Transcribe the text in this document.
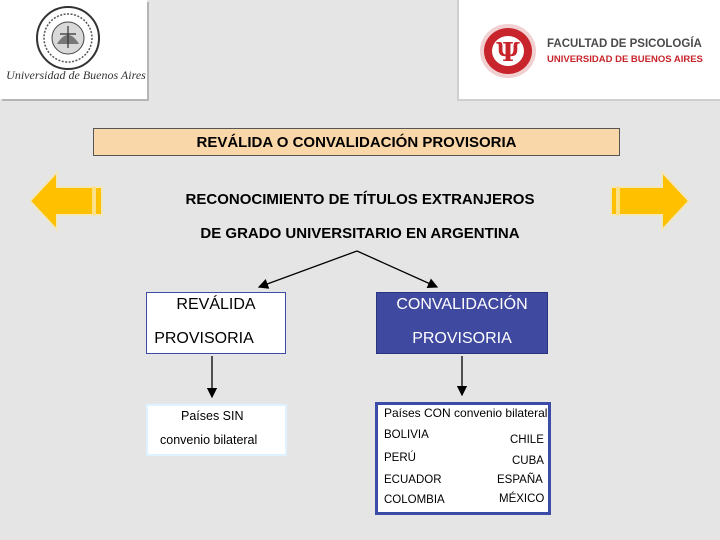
Universidad de Buenos Aires
Ψ FACULTAD DE PSICOLOGÍA
UNIVERSIDAD DE BUENOS AIRES
REVÁLIDA O CONVALIDACIÓN PROVISORIA
RECONOCIMIENTO DE TÍTULOS EXTRANJEROS
DE GRADO UNIVERSITARIO EN ARGENTINA
REVÁLIDA
PROVISORIA
CONVALIDACIÓN
PROVISORIA
Países SIN
convenio bilateral
Países CON convenio bilateral
BOLIVIA
PERÚ
ECUADOR
COLOMBIA
CHILE
CUBA
ESPAÑA
MÉXICO
